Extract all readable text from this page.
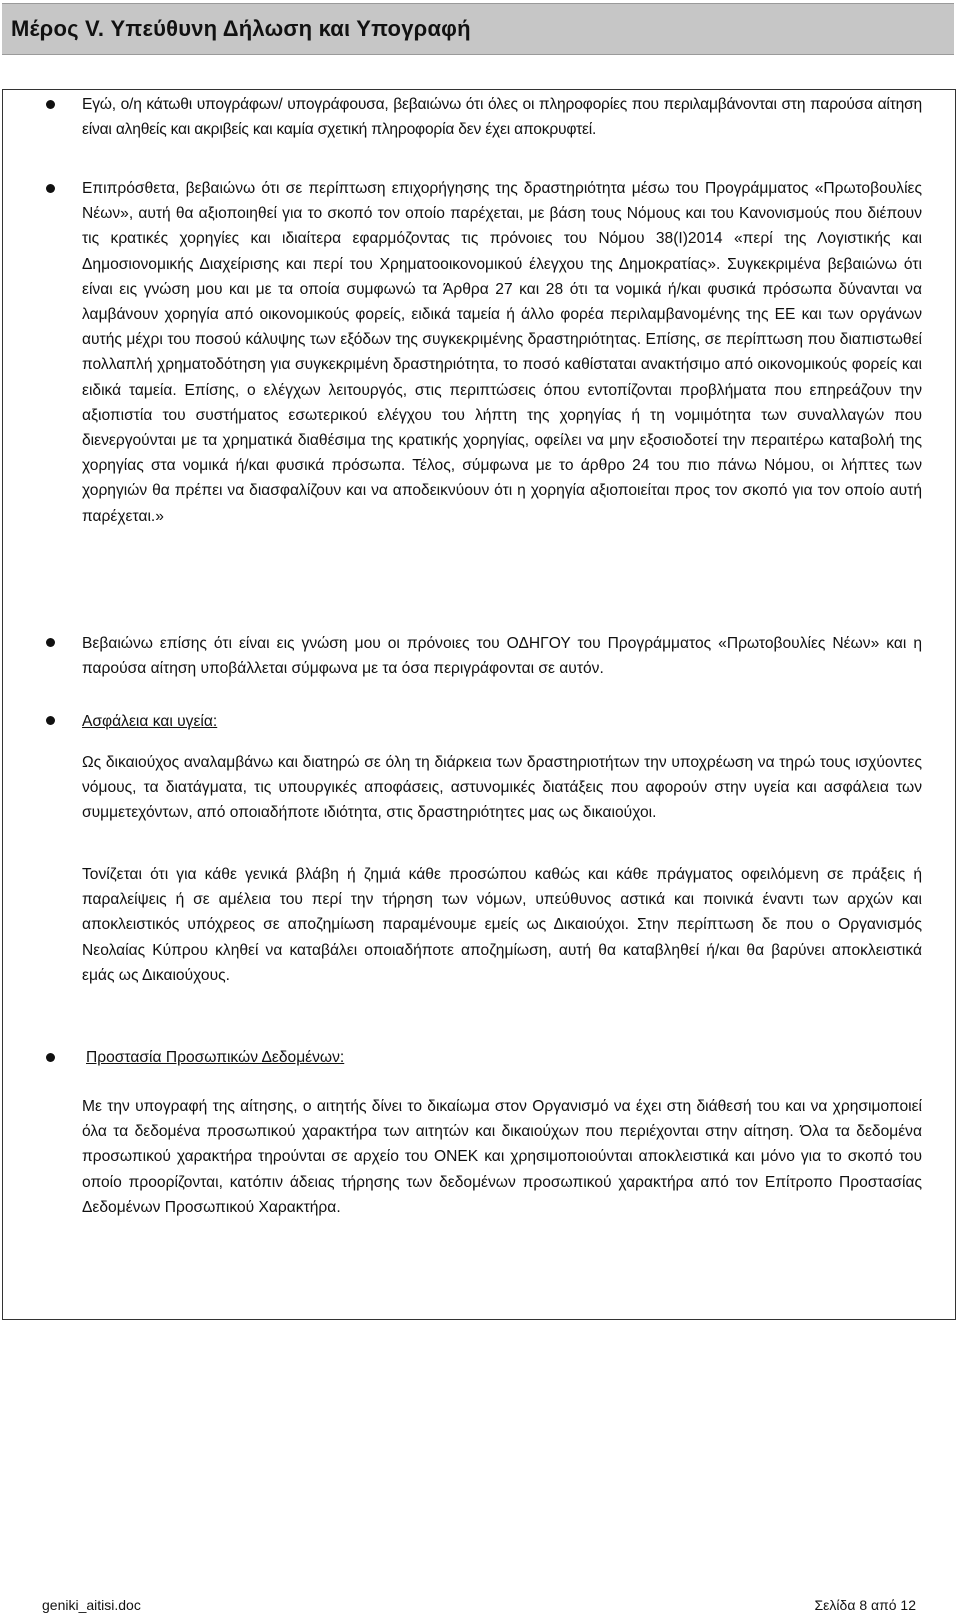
Μέρος V. Υπεύθυνη Δήλωση και Υπογραφή
Εγώ, ο/η κάτωθι υπογράφων/ υπογράφουσα, βεβαιώνω ότι όλες οι πληροφορίες που περιλαμβάνονται στη παρούσα αίτηση είναι αληθείς και ακριβείς και καμία σχετική πληροφορία δεν έχει αποκρυφτεί.
Επιπρόσθετα, βεβαιώνω ότι σε περίπτωση επιχορήγησης της δραστηριότητα μέσω του Προγράμματος «Πρωτοβουλίες Νέων», αυτή θα αξιοποιηθεί για το σκοπό τον οποίο παρέχεται, με βάση τους Νόμους και του Κανονισμούς που διέπουν τις κρατικές χορηγίες και ιδιαίτερα εφαρμόζοντας τις πρόνοιες του Νόμου 38(Ι)2014 «περί της Λογιστικής και Δημοσιονομικής Διαχείρισης και περί του Χρηματοοικονομικού έλεγχου της Δημοκρατίας». Συγκεκριμένα βεβαιώνω ότι είναι εις γνώση μου και με τα οποία συμφωνώ τα Άρθρα 27 και 28 ότι τα νομικά ή/και φυσικά πρόσωπα δύνανται να λαμβάνουν χορηγία από οικονομικούς φορείς, ειδικά ταμεία ή άλλο φορέα περιλαμβανομένης της ΕΕ και των οργάνων αυτής μέχρι του ποσού κάλυψης των εξόδων της συγκεκριμένης δραστηριότητας. Επίσης, σε περίπτωση που διαπιστωθεί πολλαπλή χρηματοδότηση για συγκεκριμένη δραστηριότητα, το ποσό καθίσταται ανακτήσιμο από οικονομικούς φορείς και ειδικά ταμεία. Επίσης, ο ελέγχων λειτουργός, στις περιπτώσεις όπου εντοπίζονται προβλήματα που επηρεάζουν την αξιοπιστία του συστήματος εσωτερικού ελέγχου του λήπτη της χορηγίας ή τη νομιμότητα των συναλλαγών που διενεργούνται με τα χρηματικά διαθέσιμα της κρατικής χορηγίας, οφείλει να μην εξοσιοδοτεί την περαιτέρω καταβολή της χορηγίας στα νομικά ή/και φυσικά πρόσωπα. Τέλος, σύμφωνα με το άρθρο 24 του πιο πάνω Νόμου, οι λήπτες των χορηγιών θα πρέπει να διασφαλίζουν και να αποδεικνύουν ότι η χορηγία αξιοποιείται προς τον σκοπό για τον οποίο αυτή παρέχεται.»
Βεβαιώνω επίσης ότι είναι εις γνώση μου οι πρόνοιες του ΟΔΗΓΟΥ του Προγράμματος «Πρωτοβουλίες Νέων» και η παρούσα αίτηση υποβάλλεται σύμφωνα με τα όσα περιγράφονται σε αυτόν.
Ασφάλεια και υγεία:
Ως δικαιούχος αναλαμβάνω και διατηρώ σε όλη τη διάρκεια των δραστηριοτήτων την υποχρέωση να τηρώ τους ισχύοντες νόμους, τα διατάγματα, τις υπουργικές αποφάσεις, αστυνομικές διατάξεις που αφορούν στην υγεία και ασφάλεια των συμμετεχόντων, από οποιαδήποτε ιδιότητα, στις δραστηριότητες μας ως δικαιούχοι.
Τονίζεται ότι για κάθε γενικά βλάβη ή ζημιά κάθε προσώπου καθώς και κάθε πράγματος οφειλόμενη σε πράξεις ή παραλείψεις ή σε αμέλεια του περί την τήρηση των νόμων, υπεύθυνος αστικά και ποινικά έναντι των αρχών και αποκλειστικός υπόχρεος σε αποζημίωση παραμένουμε εμείς ως Δικαιούχοι. Στην περίπτωση δε που ο Οργανισμός Νεολαίας Κύπρου κληθεί να καταβάλει οποιαδήποτε αποζημίωση, αυτή θα καταβληθεί ή/και θα βαρύνει αποκλειστικά εμάς ως Δικαιούχους.
Προστασία Προσωπικών Δεδομένων:
Με την υπογραφή της αίτησης, ο αιτητής δίνει το δικαίωμα στον Οργανισμό να έχει στη διάθεσή του και να χρησιμοποιεί όλα τα δεδομένα προσωπικού χαρακτήρα των αιτητών και δικαιούχων που περιέχονται στην αίτηση. Όλα τα δεδομένα προσωπικού χαρακτήρα τηρούνται σε αρχείο του ΟΝΕΚ και χρησιμοποιούνται αποκλειστικά και μόνο για το σκοπό του οποίο προορίζονται, κατόπιν άδειας τήρησης των δεδομένων προσωπικού χαρακτήρα από τον Επίτροπο Προστασίας Δεδομένων Προσωπικού Χαρακτήρα.
geniki_aitisi.doc	Σελίδα 8 από 12
